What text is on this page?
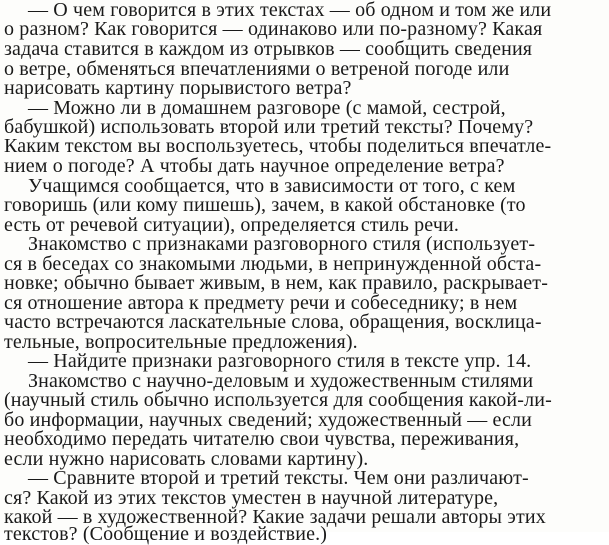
— О чем говорится в этих текстах — об одном и том же или
о разном? Как говорится — одинаково или по-разному? Какая
задача ставится в каждом из отрывков — сообщить сведения
о ветре, обменяться впечатлениями о ветреной погоде или
нарисовать картину порывистого ветра?
— Можно ли в домашнем разговоре (с мамой, сестрой,
бабушкой) использовать второй или третий тексты? Почему?
Каким текстом вы воспользуетесь, чтобы поделиться впечатле-
нием о погоде? А чтобы дать научное определение ветра?
Учащимся сообщается, что в зависимости от того, с кем
говоришь (или кому пишешь), зачем, в какой обстановке (то
есть от речевой ситуации), определяется стиль речи.
Знакомство с признаками разговорного стиля (использует-
ся в беседах со знакомыми людьми, в непринужденной обста-
новке; обычно бывает живым, в нем, как правило, раскрывает-
ся отношение автора к предмету речи и собеседнику; в нем
часто встречаются ласкательные слова, обращения, восклица-
тельные, вопросительные предложения).
— Найдите признаки разговорного стиля в тексте упр. 14.
Знакомство с научно-деловым и художественным стилями
(научный стиль обычно используется для сообщения какой-ли-
бо информации, научных сведений; художественный — если
необходимо передать читателю свои чувства, переживания,
если нужно нарисовать словами картину).
— Сравните второй и третий тексты. Чем они различают-
ся? Какой из этих текстов уместен в научной литературе,
какой — в художественной? Какие задачи решали авторы этих
текстов? (Сообщение и воздействие.)
